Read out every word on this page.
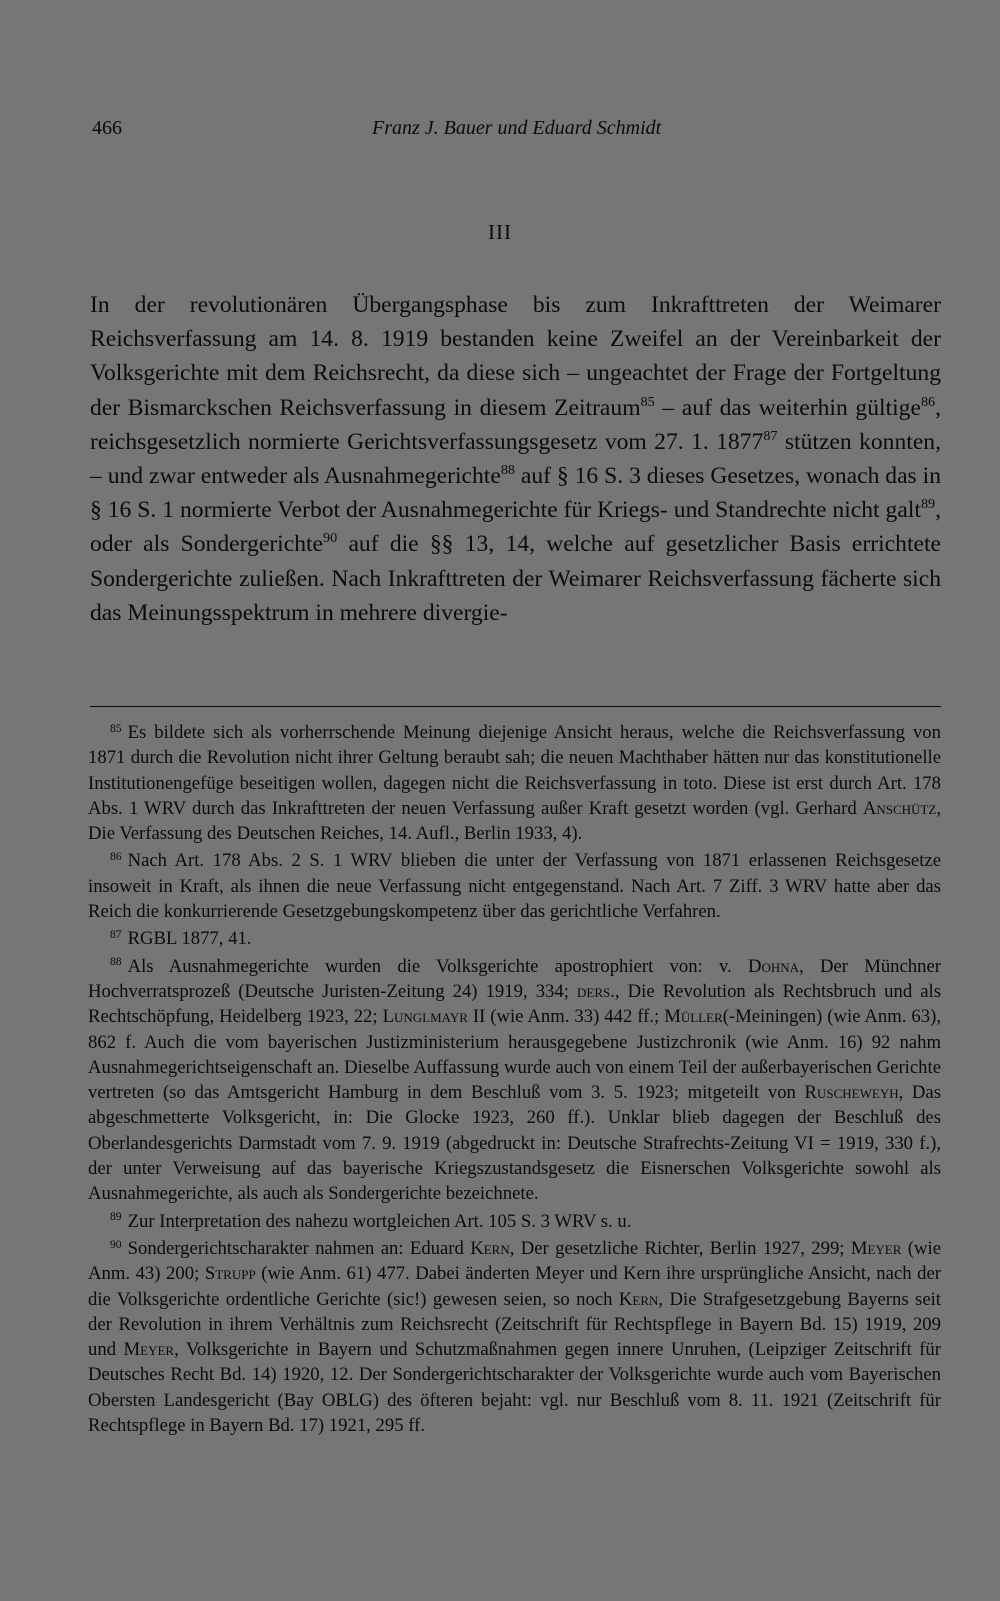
466	Franz J. Bauer und Eduard Schmidt
III

In der revolutionären Übergangsphase bis zum Inkrafttreten der Weimarer Reichsverfassung am 14. 8. 1919 bestanden keine Zweifel an der Vereinbarkeit der Volksgerichte mit dem Reichsrecht, da diese sich – ungeachtet der Frage der Fortgeltung der Bismarckschen Reichsverfassung in diesem Zeitraum$^{85}$ – auf das weiterhin gültige$^{86}$, reichsgesetzlich normierte Gerichtsverfassungsgesetz vom 27. 1. 1877$^{87}$ stützen konnten, – und zwar entweder als Ausnahmegerichte$^{88}$ auf § 16 S. 3 dieses Gesetzes, wonach das in § 16 S. 1 normierte Verbot der Ausnahmegerichte für Kriegs- und Standrechte nicht galt$^{89}$, oder als Sondergerichte$^{90}$ auf die §§ 13, 14, welche auf gesetzlicher Basis errichtete Sondergerichte zuließen. Nach Inkrafttreten der Weimarer Reichsverfassung fächerte sich das Meinungsspektrum in mehrere divergie-

85 Es bildete sich als vorherrschende Meinung diejenige Ansicht heraus, welche die Reichsverfassung von 1871 durch die Revolution nicht ihrer Geltung beraubt sah; die neuen Machthaber hätten nur das konstitutionelle Institutionengefüge beseitigen wollen, dagegen nicht die Reichsverfassung in toto. Diese ist erst durch Art. 178 Abs. 1 WRV durch das Inkrafttreten der neuen Verfassung außer Kraft gesetzt worden (vgl. Gerhard Anschütz, Die Verfassung des Deutschen Reiches, 14. Aufl., Berlin 1933, 4).

86 Nach Art. 178 Abs. 2 S. 1 WRV blieben die unter der Verfassung von 1871 erlassenen Reichsgesetze insoweit in Kraft, als ihnen die neue Verfassung nicht entgegenstand. Nach Art. 7 Ziff. 3 WRV hatte aber das Reich die konkurrierende Gesetzgebungskompetenz über das gerichtliche Verfahren.

87 RGBL 1877, 41.

88 Als Ausnahmegerichte wurden die Volksgerichte apostrophiert von: v. Dohna, Der Münchner Hochverratsprozeß (Deutsche Juristen-Zeitung 24) 1919, 334; ders., Die Revolution als Rechtsbruch und als Rechtschöpfung, Heidelberg 1923, 22; Lunglmayr II (wie Anm. 33) 442 ff.; Müller(-Meiningen) (wie Anm. 63), 862 f. Auch die vom bayerischen Justizministerium herausgegebene Justizchronik (wie Anm. 16) 92 nahm Ausnahmegerichtseigenschaft an. Dieselbe Auffassung wurde auch von einem Teil der außerbayerischen Gerichte vertreten (so das Amtsgericht Hamburg in dem Beschluß vom 3. 5. 1923; mitgeteilt von Ruscheweyh, Das abgeschmetterte Volksgericht, in: Die Glocke 1923, 260 ff.). Unklar blieb dagegen der Beschluß des Oberlandesgerichts Darmstadt vom 7. 9. 1919 (abgedruckt in: Deutsche Strafrechts-Zeitung VI = 1919, 330 f.), der unter Verweisung auf das bayerische Kriegszustandsgesetz die Eisnerschen Volksgerichte sowohl als Ausnahmegerichte, als auch als Sondergerichte bezeichnete.

89 Zur Interpretation des nahezu wortgleichen Art. 105 S. 3 WRV s. u.

90 Sondergerichtscharakter nahmen an: Eduard Kern, Der gesetzliche Richter, Berlin 1927, 299; Meyer (wie Anm. 43) 200; Strupp (wie Anm. 61) 477. Dabei änderten Meyer und Kern ihre ursprüngliche Ansicht, nach der die Volksgerichte ordentliche Gerichte (sic!) gewesen seien, so noch Kern, Die Strafgesetzgebung Bayerns seit der Revolution in ihrem Verhältnis zum Reichsrecht (Zeitschrift für Rechtspflege in Bayern Bd. 15) 1919, 209 und Meyer, Volksgerichte in Bayern und Schutzmaßnahmen gegen innere Unruhen, (Leipziger Zeitschrift für Deutsches Recht Bd. 14) 1920, 12. Der Sondergerichtscharakter der Volksgerichte wurde auch vom Bayerischen Obersten Landesgericht (Bay OBLG) des öfteren bejaht: vgl. nur Beschluß vom 8. 11. 1921 (Zeitschrift für Rechtspflege in Bayern Bd. 17) 1921, 295 ff.
